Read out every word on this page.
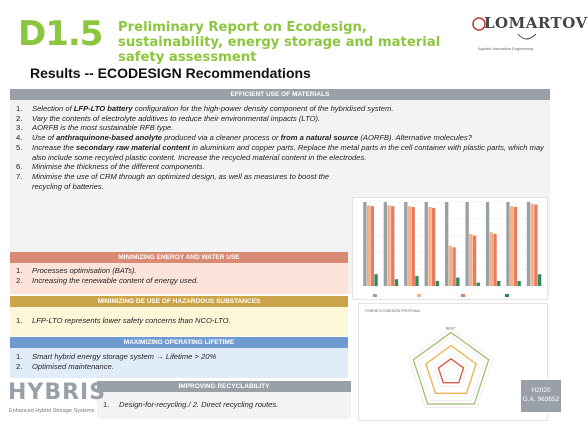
D1.5 Preliminary Report on Ecodesign, sustainability, energy storage and material safety assessment
LOMARTOV
Applied Innovation Engineering
Results -- ECODESIGN Recommendations
EFFICIENT USE OF MATERIALS
1. Selection of LFP-LTO battery configuration for the high-power density component of the hybridised system.
2. Vary the contents of electrolyte additives to reduce their environmental impacts (LTO).
3. AORFB is the most sustainable RFB type.
4. Use of anthraquinone-based anolyte produced via a cleaner process or from a natural source (AORFB). Alternative molecules?
5. Increase the secondary raw material content in aluminium and copper parts. Replace the metal parts in the cell container with plastic parts, which may also include some recycled plastic content. Increase the recycled material content in the electrodes.
6. Minimise the thickness of the different components.
7. Minimise the use of CRM through an optimized design, as well as measures to boost the recycling of batteries.
HYBRID ECODESIGN PROPOSAL
BEST
MINIMIZING ENERGY AND WATER USE
1. Processes optimisation (BATs).
2. Increasing the renewable content of energy used.
MINIMIZING DE USE OF HAZARDOUS SUBSTANCES
1. LFP-LTO represents lower safety concerns than NCO-LTO.
MAXIMIZING OPERATING LIFETIME
1. Smart hybrid energy storage system → Lifetime > 20%
2. Optimised maintenance.
IMPROVING RECYCLABILITY
1. Design-for-recycling./ 2. Direct recycling routes.
HYBRIS
Enhanced Hybrid Storage Systems
H2020
G.A. 963652
